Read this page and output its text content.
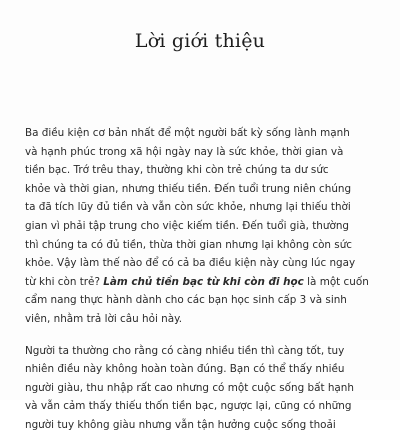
Lời giới thiệu

Ba điều kiện cơ bản nhất để một người bất kỳ sống lành mạnh
và hạnh phúc trong xã hội ngày nay là sức khỏe, thời gian và
tiền bạc. Trớ trêu thay, thường khi còn trẻ chúng ta dư sức
khỏe và thời gian, nhưng thiếu tiền. Đến tuổi trung niên chúng
ta đã tích lũy đủ tiền và vẫn còn sức khỏe, nhưng lại thiếu thời
gian vì phải tập trung cho việc kiếm tiền. Đến tuổi già, thường
thì chúng ta có đủ tiền, thừa thời gian nhưng lại không còn sức
khỏe. Vậy làm thế nào để có cả ba điều kiện này cùng lúc ngay
từ khi còn trẻ? Làm chủ tiền bạc từ khi còn đi học là một cuốn
cẩm nang thực hành dành cho các bạn học sinh cấp 3 và sinh
viên, nhằm trả lời câu hỏi này.

Người ta thường cho rằng có càng nhiều tiền thì càng tốt, tuy
nhiên điều này không hoàn toàn đúng. Bạn có thể thấy nhiều
người giàu, thu nhập rất cao nhưng có một cuộc sống bất hạnh
và vẫn cảm thấy thiếu thốn tiền bạc, ngược lại, cũng có những
người tuy không giàu nhưng vẫn tận hưởng cuộc sống thoải
